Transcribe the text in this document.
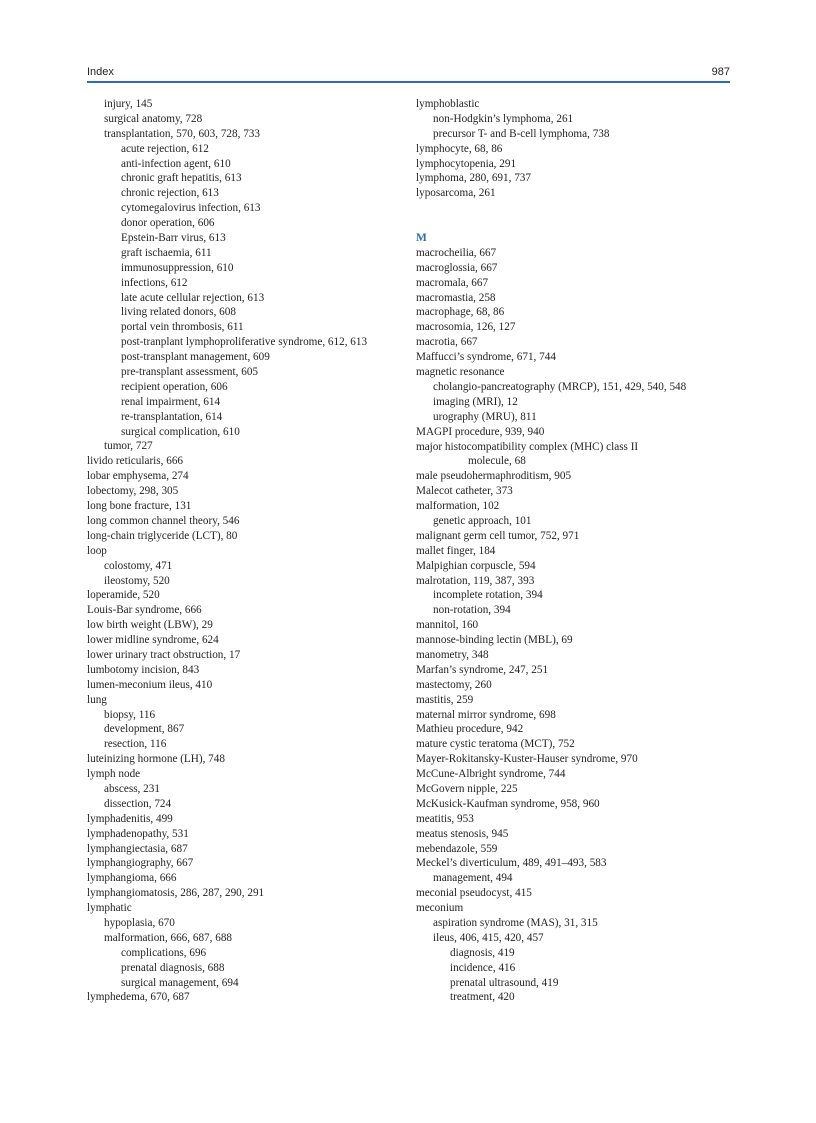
Index	987
injury, 145
surgical anatomy, 728
transplantation, 570, 603, 728, 733
acute rejection, 612
anti-infection agent, 610
chronic graft hepatitis, 613
chronic rejection, 613
cytomegalovirus infection, 613
donor operation, 606
Epstein-Barr virus, 613
graft ischaemia, 611
immunosuppression, 610
infections, 612
late acute cellular rejection, 613
living related donors, 608
portal vein thrombosis, 611
post-tranplant lymphoproliferative syndrome, 612, 613
post-transplant management, 609
pre-transplant assessment, 605
recipient operation, 606
renal impairment, 614
re-transplantation, 614
surgical complication, 610
tumor, 727
livido reticularis, 666
lobar emphysema, 274
lobectomy, 298, 305
long bone fracture, 131
long common channel theory, 546
long-chain triglyceride (LCT), 80
loop
colostomy, 471
ileostomy, 520
loperamide, 520
Louis-Bar syndrome, 666
low birth weight (LBW), 29
lower midline syndrome, 624
lower urinary tract obstruction, 17
lumbotomy incision, 843
lumen-meconium ileus, 410
lung
biopsy, 116
development, 867
resection, 116
luteinizing hormone (LH), 748
lymph node
abscess, 231
dissection, 724
lymphadenitis, 499
lymphadenopathy, 531
lymphangiectasia, 687
lymphangiography, 667
lymphangioma, 666
lymphangiomatosis, 286, 287, 290, 291
lymphatic
hypoplasia, 670
malformation, 666, 687, 688
complications, 696
prenatal diagnosis, 688
surgical management, 694
lymphedema, 670, 687
lymphoblastic
non-Hodgkin’s lymphoma, 261
precursor T- and B-cell lymphoma, 738
lymphocyte, 68, 86
lymphocytopenia, 291
lymphoma, 280, 691, 737
lyposarcoma, 261
M
macrocheilia, 667
macroglossia, 667
macromala, 667
macromastia, 258
macrophage, 68, 86
macrosomia, 126, 127
macrotia, 667
Maffucci’s syndrome, 671, 744
magnetic resonance
cholangio-pancreatography (MRCP), 151, 429, 540, 548
imaging (MRI), 12
urography (MRU), 811
MAGPI procedure, 939, 940
major histocompatibility complex (MHC) class II
molecule, 68
male pseudohermaphroditism, 905
Malecot catheter, 373
malformation, 102
genetic approach, 101
malignant germ cell tumor, 752, 971
mallet finger, 184
Malpighian corpuscle, 594
malrotation, 119, 387, 393
incomplete rotation, 394
non-rotation, 394
mannitol, 160
mannose-binding lectin (MBL), 69
manometry, 348
Marfan’s syndrome, 247, 251
mastectomy, 260
mastitis, 259
maternal mirror syndrome, 698
Mathieu procedure, 942
mature cystic teratoma (MCT), 752
Mayer-Rokitansky-Kuster-Hauser syndrome, 970
McCune-Albright syndrome, 744
McGovern nipple, 225
McKusick-Kaufman syndrome, 958, 960
meatitis, 953
meatus stenosis, 945
mebendazole, 559
Meckel’s diverticulum, 489, 491–493, 583
management, 494
meconial pseudocyst, 415
meconium
aspiration syndrome (MAS), 31, 315
ileus, 406, 415, 420, 457
diagnosis, 419
incidence, 416
prenatal ultrasound, 419
treatment, 420
